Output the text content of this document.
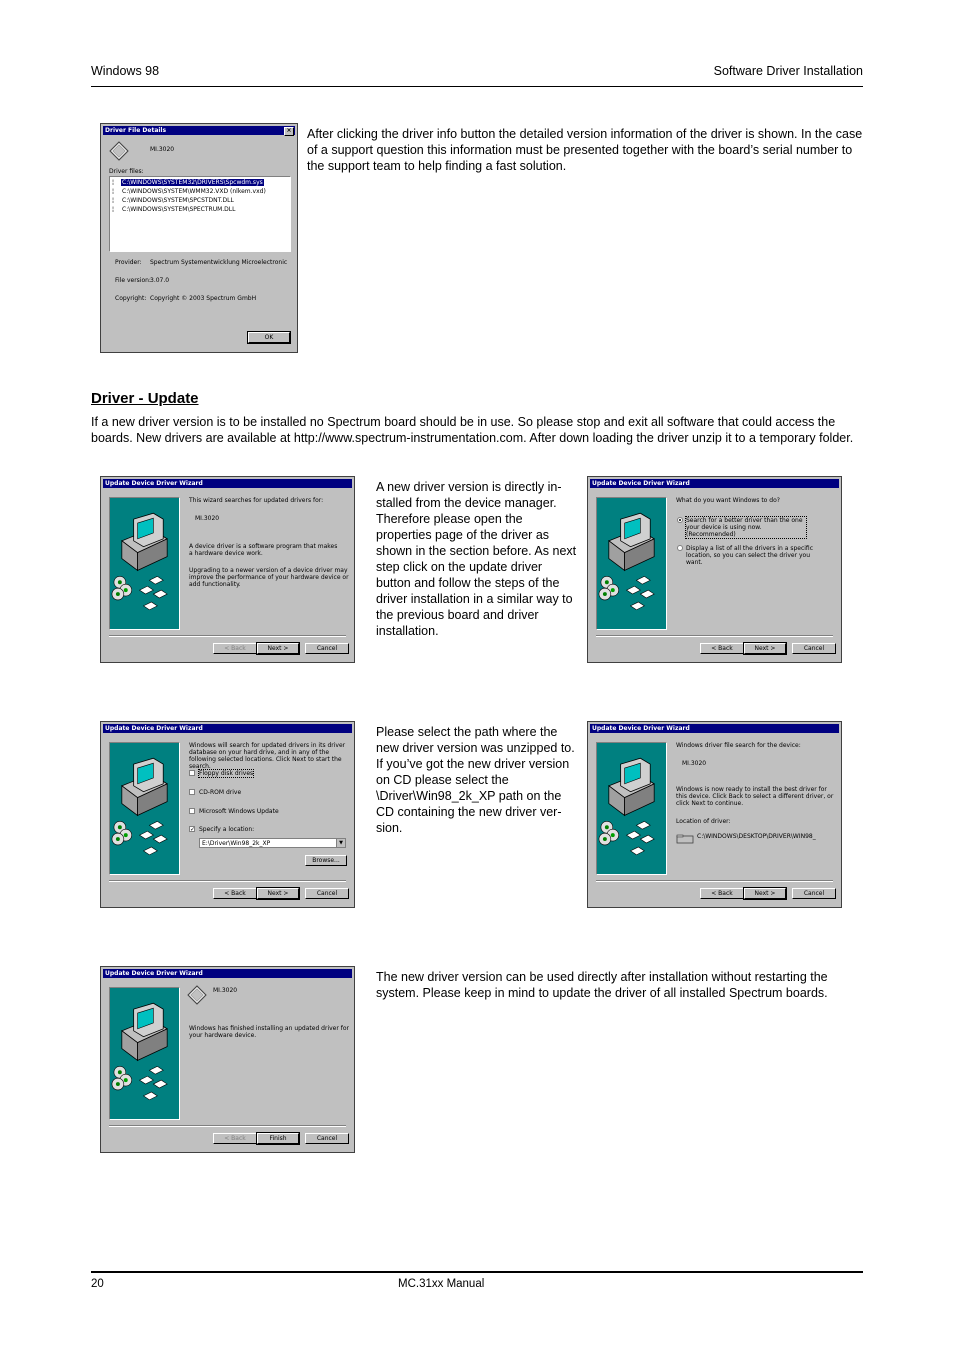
Windows 98	Software Driver Installation
Driver File Details	×
MI.3020
Driver files:
¦ C:\WINDOWS\SYSTEM32\DRIVERS\Spcwdm.sys
¦ C:\WINDOWS\SYSTEM\WMM32.VXD (nlkem.vxd)
¦ C:\WINDOWS\SYSTEM\SPCSTDNT.DLL
¦ C:\WINDOWS\SYSTEM\SPECTRUM.DLL
Provider: Spectrum Systementwicklung Microelectronic
File version: 3.07.0
Copyright: Copyright © 2003 Spectrum GmbH
OK
After clicking the driver info button the detailed version information of the driver is shown. In the case of a support question this information must be presented together with the board’s serial number to the support team to help finding a fast solution.
Driver - Update
If a new driver version is to be installed no Spectrum board should be in use. So please stop and exit all software that could access the boards. New drivers are available at http://www.spectrum-instrumentation.com. After down loading the driver unzip it to a temporary folder.
Update Device Driver Wizard
This wizard searches for updated drivers for:
MI.3020
A device driver is a software program that makes a hardware device work.
Upgrading to a newer version of a device driver may improve the performance of your hardware device or add functionality.
< Back	Next >	Cancel
A new driver version is directly in-stalled from the device manager. Therefore please open the properties page of the driver as shown in the section before. As next step click on the update driver button and follow the steps of the driver installation in a similar way to the previous board and driver installation.
Update Device Driver Wizard
What do you want Windows to do?
Search for a better driver than the one your device is using now. (Recommended)
Display a list of all the drivers in a specific location, so you can select the driver you want.
< Back	Next >	Cancel
Update Device Driver Wizard
Windows will search for updated drivers in its driver database on your hard drive, and in any of the following selected locations. Click Next to start the search.
Floppy disk drives
CD-ROM drive
Microsoft Windows Update
✓ Specify a location:
E:\Driver\Win98_2k_XP	▼
Browse...
< Back	Next >	Cancel
Please select the path where the new driver version was unzipped to. If you’ve got the new driver version on CD please select the \Driver\Win98_2k_XP path on the CD containing the new driver ver-sion.
Update Device Driver Wizard
Windows driver file search for the device:
MI.3020
Windows is now ready to install the best driver for this device. Click Back to select a different driver, or click Next to continue.
Location of driver:
C:\WINDOWS\DESKTOP\DRIVER\WIN98_
< Back	Next >	Cancel
Update Device Driver Wizard
MI.3020
Windows has finished installing an updated driver for your hardware device.
< Back	Finish	Cancel
The new driver version can be used directly after installation without restarting the system. Please keep in mind to update the driver of all installed Spectrum boards.
20	MC.31xx Manual
